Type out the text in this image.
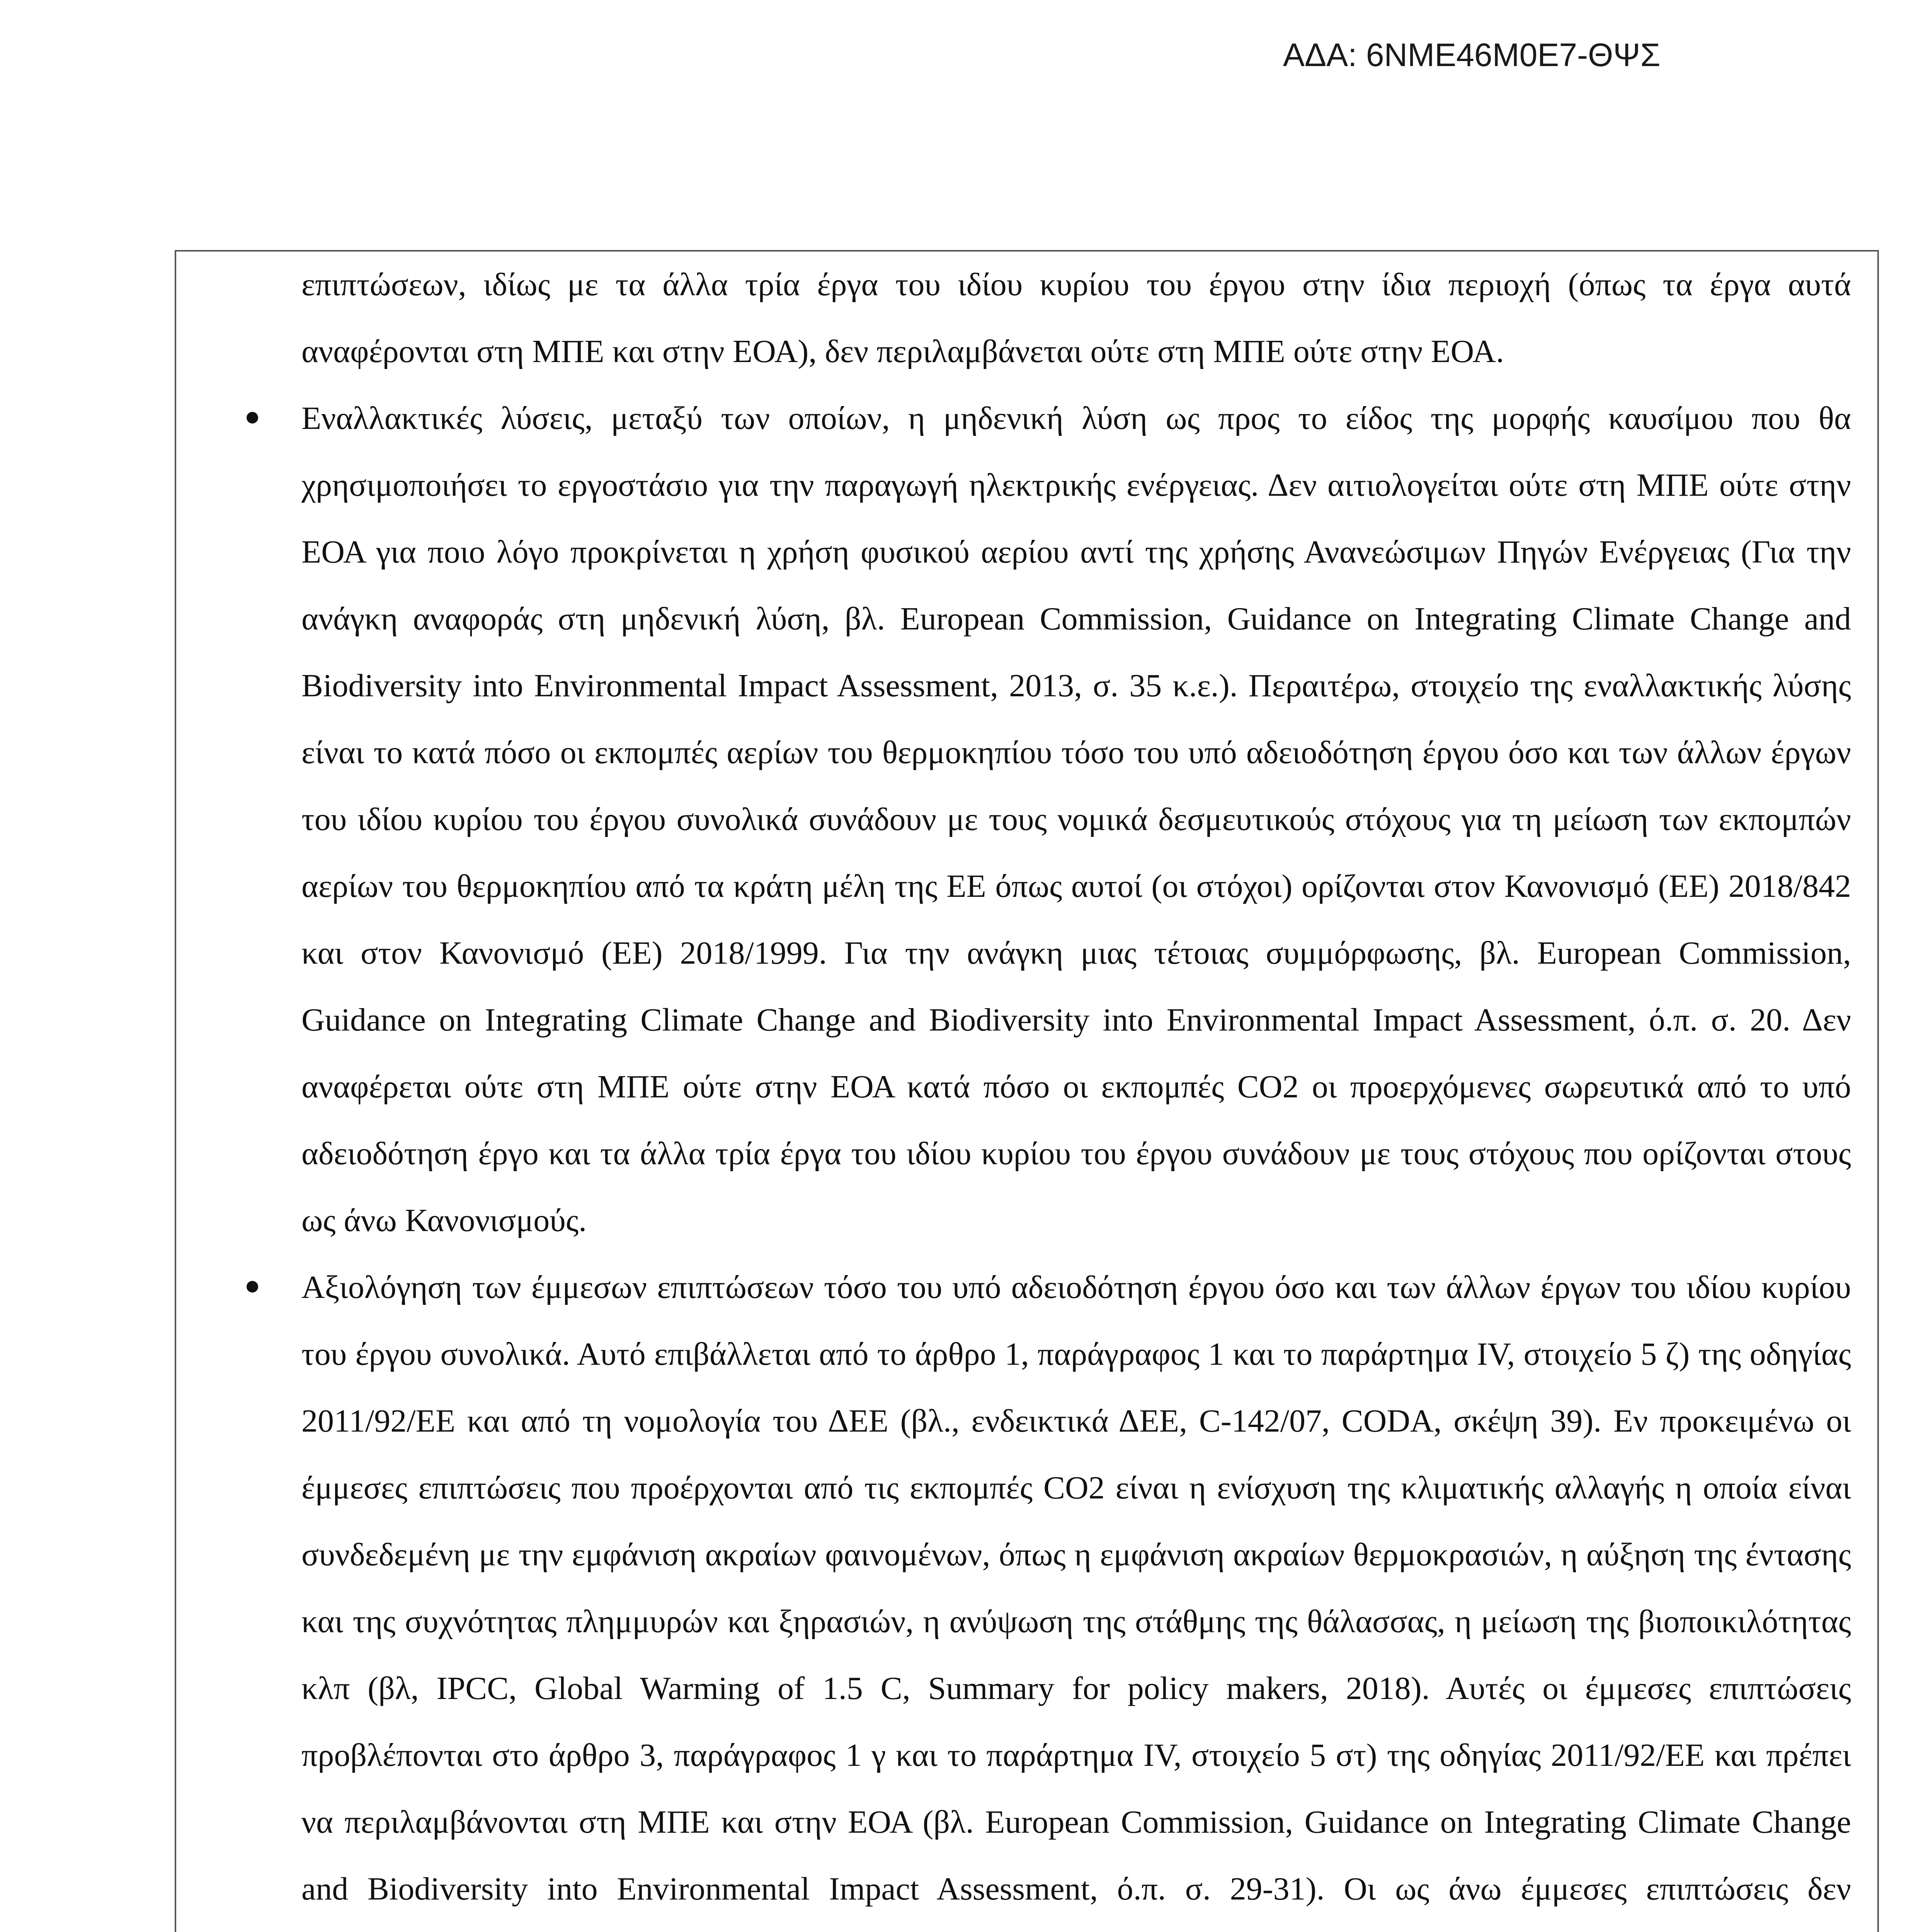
ΑΔΑ: 6ΝΜΕ46Μ0Ε7-ΘΨΣ

επιπτώσεων, ιδίως με τα άλλα τρία έργα του ιδίου κυρίου του έργου στην ίδια περιοχή (όπως τα έργα αυτά αναφέρονται στη ΜΠΕ και στην ΕΟΑ), δεν περιλαμβάνεται ούτε στη ΜΠΕ ούτε στην ΕΟΑ.

Εναλλακτικές λύσεις, μεταξύ των οποίων, η μηδενική λύση ως προς το είδος της μορφής καυσίμου που θα χρησιμοποιήσει το εργοστάσιο για την παραγωγή ηλεκτρικής ενέργειας. Δεν αιτιολογείται ούτε στη ΜΠΕ ούτε στην ΕΟΑ για ποιο λόγο προκρίνεται η χρήση φυσικού αερίου αντί της χρήσης Ανανεώσιμων Πηγών Ενέργειας (Για την ανάγκη αναφοράς στη μηδενική λύση, βλ. European Commission, Guidance on Integrating Climate Change and Biodiversity into Environmental Impact Assessment, 2013, σ. 35 κ.ε.). Περαιτέρω, στοιχείο της εναλλακτικής λύσης είναι το κατά πόσο οι εκπομπές αερίων του θερμοκηπίου τόσο του υπό αδειοδότηση έργου όσο και των άλλων έργων του ιδίου κυρίου του έργου συνολικά συνάδουν με τους νομικά δεσμευτικούς στόχους για τη μείωση των εκπομπών αερίων του θερμοκηπίου από τα κράτη μέλη της ΕΕ όπως αυτοί (οι στόχοι) ορίζονται στον Κανονισμό (ΕΕ) 2018/842 και στον Κανονισμό (ΕΕ) 2018/1999. Για την ανάγκη μιας τέτοιας συμμόρφωσης, βλ. European Commission, Guidance on Integrating Climate Change and Biodiversity into Environmental Impact Assessment, ό.π. σ. 20. Δεν αναφέρεται ούτε στη ΜΠΕ ούτε στην ΕΟΑ κατά πόσο οι εκπομπές CO2 οι προερχόμενες σωρευτικά από το υπό αδειοδότηση έργο και τα άλλα τρία έργα του ιδίου κυρίου του έργου συνάδουν με τους στόχους που ορίζονται στους ως άνω Κανονισμούς.

Αξιολόγηση των έμμεσων επιπτώσεων τόσο του υπό αδειοδότηση έργου όσο και των άλλων έργων του ιδίου κυρίου του έργου συνολικά. Αυτό επιβάλλεται από το άρθρο 1, παράγραφος 1 και το παράρτημα IV, στοιχείο 5 ζ) της οδηγίας 2011/92/ΕΕ και από τη νομολογία του ΔΕΕ (βλ., ενδεικτικά ΔΕΕ, C-142/07, CODA, σκέψη 39). Εν προκειμένω οι έμμεσες επιπτώσεις που προέρχονται από τις εκπομπές CO2 είναι η ενίσχυση της κλιματικής αλλαγής η οποία είναι συνδεδεμένη με την εμφάνιση ακραίων φαινομένων, όπως η εμφάνιση ακραίων θερμοκρασιών, η αύξηση της έντασης και της συχνότητας πλημμυρών και ξηρασιών, η ανύψωση της στάθμης της θάλασσας, η μείωση της βιοποικιλότητας κλπ (βλ, IPCC, Global Warming of 1.5 C, Summary for policy makers, 2018). Αυτές οι έμμεσες επιπτώσεις προβλέπονται στο άρθρο 3, παράγραφος 1 γ και το παράρτημα IV, στοιχείο 5 στ) της οδηγίας 2011/92/ΕΕ και πρέπει να περιλαμβάνονται στη ΜΠΕ και στην ΕΟΑ (βλ. European Commission, Guidance on Integrating Climate Change and Biodiversity into Environmental Impact Assessment, ό.π. σ. 29-31). Οι ως άνω έμμεσες επιπτώσεις δεν
